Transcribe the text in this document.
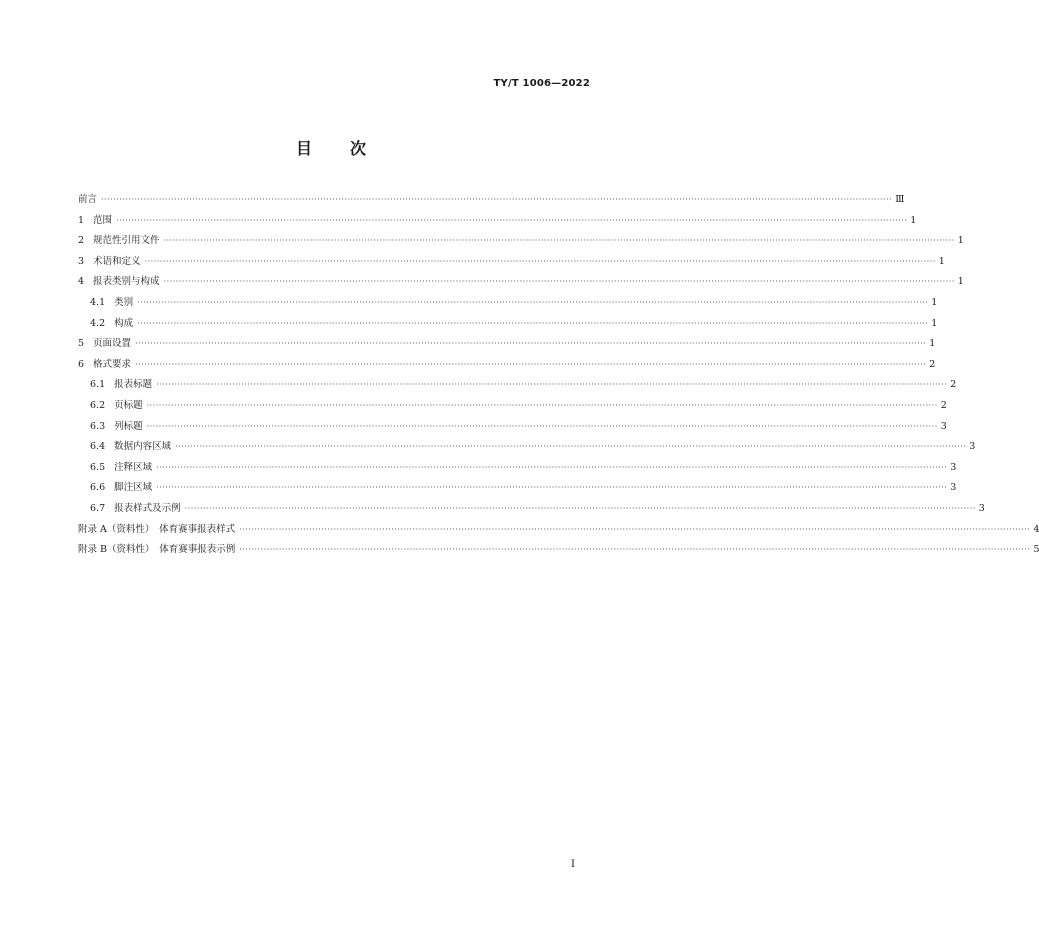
TY/T 1006—2022
目 次
前言 ···································································································································································································································································· Ⅲ
1 范围 ···································································································································································································································································· 1
2 规范性引用文件 ···································································································································································································································································· 1
3 术语和定义 ···································································································································································································································································· 1
4 报表类别与构成 ···································································································································································································································································· 1
4.1 类别 ···································································································································································································································································· 1
4.2 构成 ···································································································································································································································································· 1
5 页面设置 ···································································································································································································································································· 1
6 格式要求 ···································································································································································································································································· 2
6.1 报表标题 ···································································································································································································································································· 2
6.2 页标题 ···································································································································································································································································· 2
6.3 列标题 ···································································································································································································································································· 3
6.4 数据内容区域 ···································································································································································································································································· 3
6.5 注释区域 ···································································································································································································································································· 3
6.6 脚注区域 ···································································································································································································································································· 3
6.7 报表样式及示例 ···································································································································································································································································· 3
附录 A（资料性）　体育赛事报表样式 ···································································································································································································································································· 4
附录 B（资料性）　体育赛事报表示例 ···································································································································································································································································· 5
Ⅰ
